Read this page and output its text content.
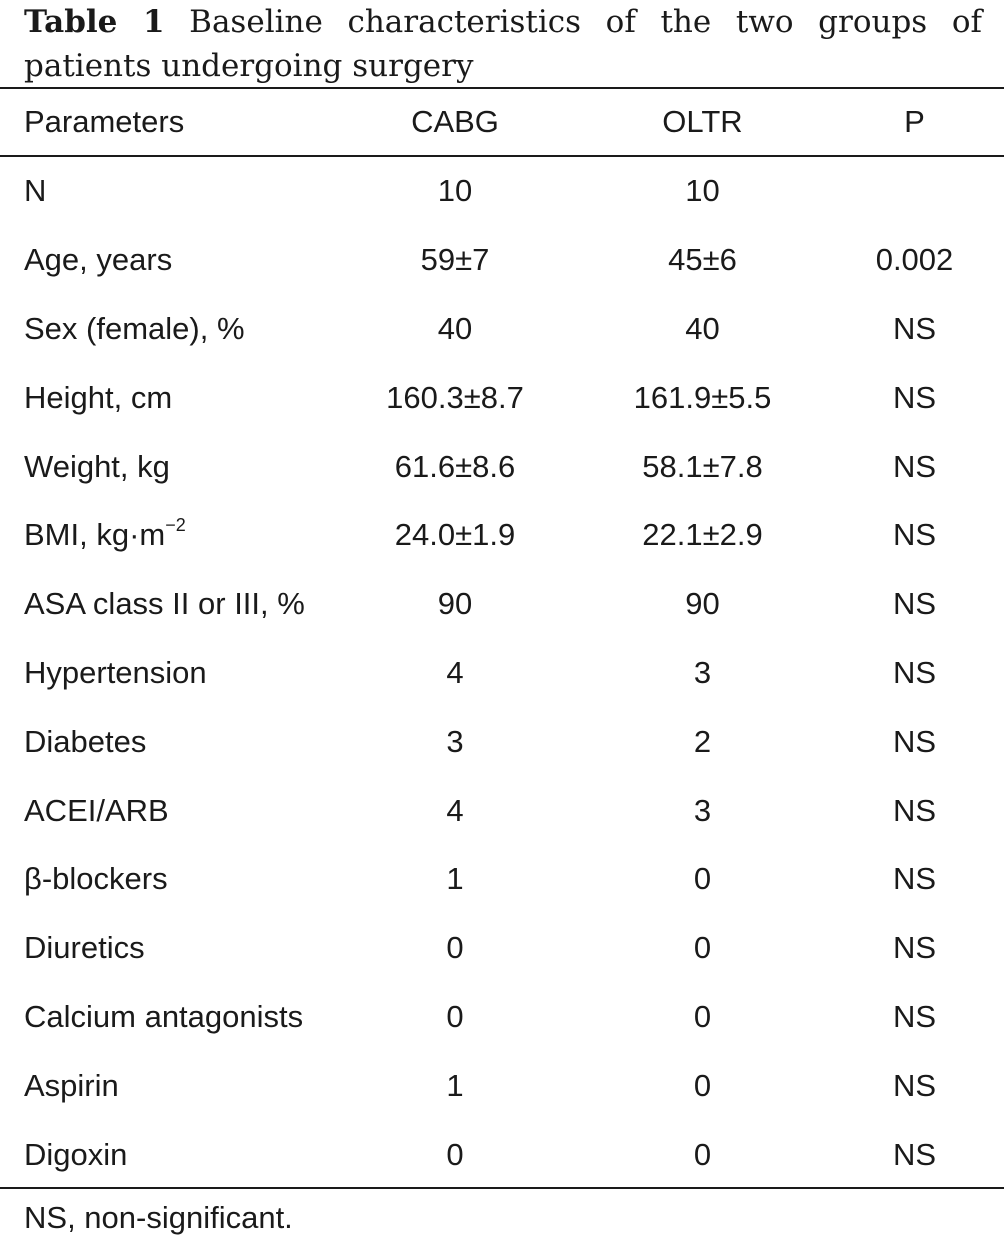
Table 1 Baseline characteristics of the two groups of patients undergoing surgery
Parameters	CABG	OLTR	P
N	10	10	
Age, years	59±7	45±6	0.002
Sex (female), %	40	40	NS
Height, cm	160.3±8.7	161.9±5.5	NS
Weight, kg	61.6±8.6	58.1±7.8	NS
BMI, $kg\cdot m^{-2}$	24.0±1.9	22.1±2.9	NS
ASA class II or III, %	90	90	NS
Hypertension	4	3	NS
Diabetes	3	2	NS
ACEI/ARB	4	3	NS
β-blockers	1	0	NS
Diuretics	0	0	NS
Calcium antagonists	0	0	NS
Aspirin	1	0	NS
Digoxin	0	0	NS
NS, non-significant.
